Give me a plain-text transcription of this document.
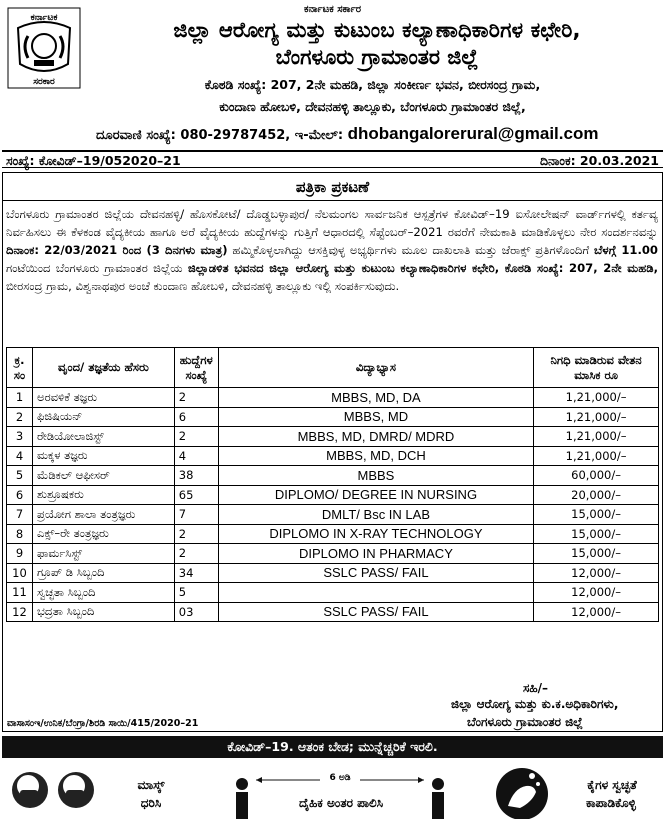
ಕರ್ನಾಟಕ
ಸರಕಾರ
ಕರ್ನಾಟಕ ಸರ್ಕಾರ
ಜಿಲ್ಲಾ ಆರೋಗ್ಯ ಮತ್ತು ಕುಟುಂಬ ಕಲ್ಯಾಣಾಧಿಕಾರಿಗಳ ಕಛೇರಿ,
ಬೆಂಗಳೂರು ಗ್ರಾಮಾಂತರ ಜಿಲ್ಲೆ
ಕೊಠಡಿ ಸಂಖ್ಯೆ: 207, 2ನೇ ಮಹಡಿ, ಜಿಲ್ಲಾ ಸಂಕೀರ್ಣ ಭವನ, ಬೀರಸಂದ್ರ ಗ್ರಾಮ,
ಕುಂದಾಣ ಹೋಬಳಿ, ದೇವನಹಳ್ಳಿ ತಾಲ್ಲೂಕು, ಬೆಂಗಳೂರು ಗ್ರಾಮಾಂತರ ಜಿಲ್ಲೆ,
ದೂರವಾಣಿ ಸಂಖ್ಯೆ: 080-29787452, ಇ-ಮೇಲ್: dhobangalorerural@gmail.com
ಸಂಖ್ಯೆ: ಕೋವಿಡ್–19/052020–21	ದಿನಾಂಕ: 20.03.2021
ಪತ್ರಿಕಾ ಪ್ರಕಟಣೆ

ಬೆಂಗಳೂರು ಗ್ರಾಮಾಂತರ ಜಿಲ್ಲೆಯ ದೇವನಹಳ್ಳಿ/ ಹೊಸಕೋಟೆ/ ದೊಡ್ಡಬಳ್ಳಾಪುರ/ ನೆಲಮಂಗಲ ಸಾರ್ವಜನಿಕ ಆಸ್ಪತ್ರೆಗಳ ಕೋವಿಡ್–19 ಐಸೋಲೇಷನ್ ವಾರ್ಡ್‌ಗಳಲ್ಲಿ ಕರ್ತವ್ಯ ನಿರ್ವಹಿಸಲು ಈ ಕೆಳಕಂಡ ವೈದ್ಯಕೀಯ ಹಾಗೂ ಅರೆ ವೈದ್ಯಕೀಯ ಹುದ್ದೆಗಳನ್ನು ಗುತ್ತಿಗೆ ಆಧಾರದಲ್ಲಿ ಸೆಪ್ಟೆಂಬರ್–2021 ರವರೆಗೆ ನೇಮಕಾತಿ ಮಾಡಿಕೊಳ್ಳಲು ನೇರ ಸಂದರ್ಶನವನ್ನು ದಿನಾಂಕ: 22/03/2021 ರಿಂದ (3 ದಿನಗಳು ಮಾತ್ರ) ಹಮ್ಮಿಕೊಳ್ಳಲಾಗಿದ್ದು ಆಸಕ್ತಿವುಳ್ಳ ಅಭ್ಯರ್ಥಿಗಳು ಮೂಲ ದಾಖಲಾತಿ ಮತ್ತು ಜೆರಾಕ್ಸ್ ಪ್ರತಿಗಳೊಂದಿಗೆ ಬೆಳಗ್ಗೆ 11.00 ಗಂಟೆಯಿಂದ ಬೆಂಗಳೂರು ಗ್ರಾಮಾಂತರ ಜಿಲ್ಲೆಯ ಜಿಲ್ಲಾಡಳಿತ ಭವನದ ಜಿಲ್ಲಾ ಆರೋಗ್ಯ ಮತ್ತು ಕುಟುಂಬ ಕಲ್ಯಾಣಾಧಿಕಾರಿಗಳ ಕಛೇರಿ, ಕೊಠಡಿ ಸಂಖ್ಯೆ: 207, 2ನೇ ಮಹಡಿ, ಬೀರಸಂದ್ರ ಗ್ರಾಮ, ವಿಶ್ವನಾಥಪುರ ಅಂಚೆ ಕುಂದಾಣ ಹೋಬಳಿ, ದೇವನಹಳ್ಳಿ ತಾಲ್ಲೂಕು ಇಲ್ಲಿ ಸಂಪರ್ಕಿಸುವುದು.

ಕ್ರ. ಸಂ	ವೃಂದ/ ತಜ್ಞತೆಯ ಹೆಸರು	ಹುದ್ದೆಗಳ ಸಂಖ್ಯೆ	ವಿದ್ಯಾಭ್ಯಾಸ	ನಿಗಧಿ ಮಾಡಿರುವ ವೇತನ ಮಾಸಿಕ ರೂ
1	ಅರವಳಿಕೆ ತಜ್ಞರು	2	MBBS, MD, DA	1,21,000/–
2	ಫಿಜಿಷಿಯನ್	6	MBBS, MD	1,21,000/–
3	ರೇಡಿಯೋಲಾಜಿಸ್ಟ್	2	MBBS, MD, DMRD/ MDRD	1,21,000/–
4	ಮಕ್ಕಳ ತಜ್ಞರು	4	MBBS, MD, DCH	1,21,000/–
5	ಮೆಡಿಕಲ್ ಆಫೀಸರ್	38	MBBS	60,000/–
6	ಶುಶ್ರೂಷಕರು	65	DIPLOMO/ DEGREE IN NURSING	20,000/–
7	ಪ್ರಯೋಗ ಶಾಲಾ ತಂತ್ರಜ್ಞರು	7	DMLT/ Bsc IN LAB	15,000/–
8	ಎಕ್ಸ್–ರೇ ತಂತ್ರಜ್ಞರು	2	DIPLOMO IN X-RAY TECHNOLOGY	15,000/–
9	ಫಾರ್ಮಸಿಸ್ಟ್	2	DIPLOMO IN PHARMACY	15,000/–
10	ಗ್ರೂಪ್ ಡಿ ಸಿಬ್ಬಂದಿ	34	SSLC PASS/ FAIL	12,000/–
11	ಸ್ವಚ್ಛತಾ ಸಿಬ್ಬಂದಿ	5		12,000/–
12	ಭದ್ರತಾ ಸಿಬ್ಬಂದಿ	03	SSLC PASS/ FAIL	12,000/–
ಸಹಿ/–
ಜಿಲ್ಲಾ ಆರೋಗ್ಯ ಮತ್ತು ಕು.ಕ.ಅಧಿಕಾರಿಗಳು,
ಬೆಂಗಳೂರು ಗ್ರಾಮಾಂತರ ಜಿಲ್ಲೆ
ವಾಸಾಸಂಇ/ಉನಿಕ/ಬೆಂಗ್ರಾ/ಶಿರಡಿ ಸಾಯಿ/415/2020–21
ಕೋವಿಡ್–19. ಆತಂಕ ಬೇಡ; ಮುನ್ನೆಚ್ಚರಿಕೆ ಇರಲಿ.
ಮಾಸ್ಕ್
ಧರಿಸಿ
6 ಅಡಿ
ದೈಹಿಕ ಅಂತರ ಪಾಲಿಸಿ
ಕೈಗಳ ಸ್ವಚ್ಛತೆ
ಕಾಪಾಡಿಕೊಳ್ಳಿ
